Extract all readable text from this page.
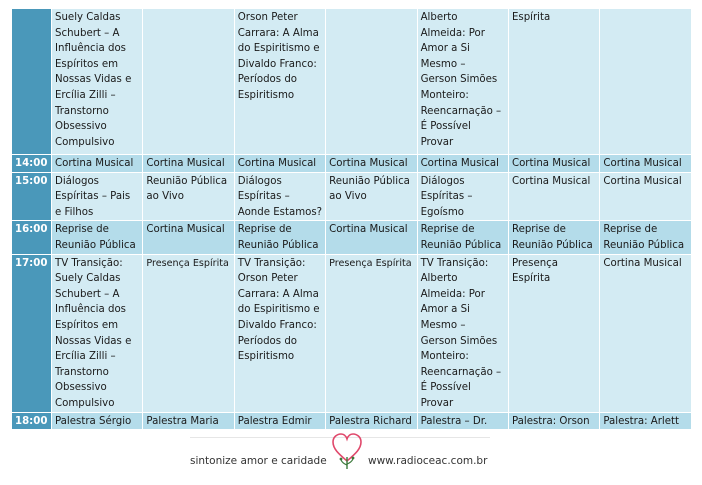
	Suely Caldas Schubert – A Influência dos Espíritos em Nossas Vidas e Ercília Zilli – Transtorno Obsessivo Compulsivo		Orson Peter Carrara: A Alma do Espiritismo e Divaldo Franco: Períodos do Espiritismo		Alberto Almeida: Por Amor a Si Mesmo – Gerson Simões Monteiro: Reencarnação – É Possível Provar	Espírita	

14:00	Cortina Musical	Cortina Musical	Cortina Musical	Cortina Musical	Cortina Musical	Cortina Musical	Cortina Musical

15:00	Diálogos Espíritas – Pais e Filhos	Reunião Pública ao Vivo	Diálogos Espíritas – Aonde Estamos?	Reunião Pública ao Vivo	Diálogos Espíritas – Egoísmo	Cortina Musical	Cortina Musical

16:00	Reprise de Reunião Pública	Cortina Musical	Reprise de Reunião Pública	Cortina Musical	Reprise de Reunião Pública	Reprise de Reunião Pública	Reprise de Reunião Pública

17:00	TV Transição: Suely Caldas Schubert – A Influência dos Espíritos em Nossas Vidas e Ercília Zilli – Transtorno Obsessivo Compulsivo	Presença Espírita	TV Transição: Orson Peter Carrara: A Alma do Espiritismo e Divaldo Franco: Períodos do Espiritismo	Presença Espírita	TV Transição: Alberto Almeida: Por Amor a Si Mesmo – Gerson Simões Monteiro: Reencarnação – É Possível Provar	Presença Espírita	Cortina Musical

18:00	Palestra Sérgio	Palestra Maria	Palestra Edmir	Palestra Richard	Palestra – Dr.	Palestra: Orson	Palestra: Arlett
sintonize amor e caridade	www.radioceac.com.br
